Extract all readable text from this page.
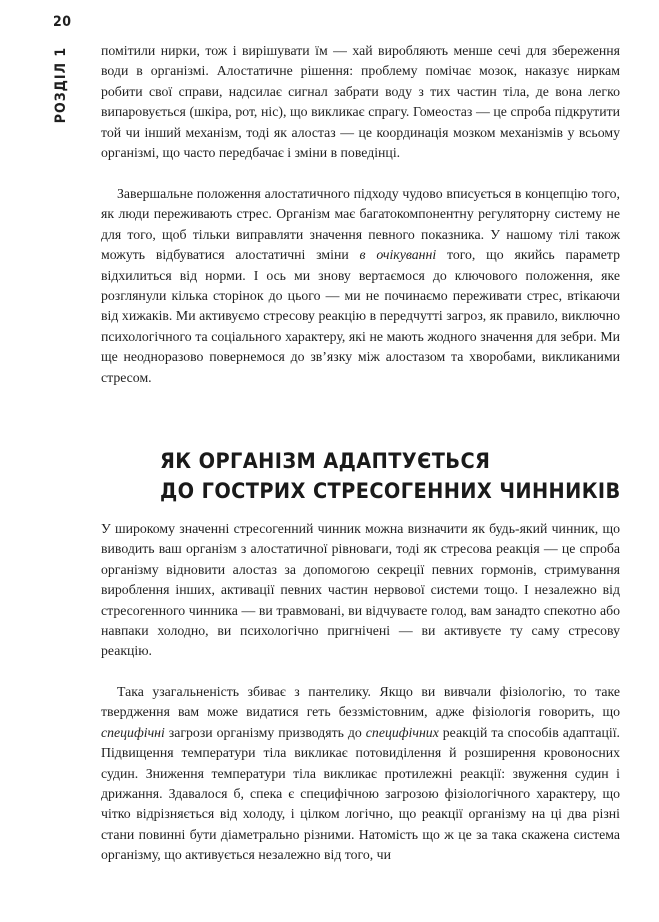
20
РОЗДІЛ 1 помітили нирки, тож і вирішувати їм — хай виробляють менше сечі для збереження води в організмі. Алостатичне рішення: проблему помічає мозок, наказує ниркам робити свої справи, надсилає сигнал забрати воду з тих частин тіла, де вона легко випаровується (шкіра, рот, ніс), що викликає спрагу. Гомеостаз — це спроба підкрутити той чи інший механізм, тоді як алостаз — це координація мозком механізмів у всьому організмі, що часто передбачає і зміни в поведінці.

Завершальне положення алостатичного підходу чудово вписується в концепцію того, як люди переживають стрес. Організм має багатокомпонентну регуляторну систему не для того, щоб тільки виправляти значення певного показника. У нашому тілі також можуть відбуватися алостатичні зміни в очікуванні того, що якийсь параметр відхилиться від норми. І ось ми знову вертаємося до ключового положення, яке розглянули кілька сторінок до цього — ми не починаємо переживати стрес, втікаючи від хижаків. Ми активуємо стресову реакцію в передчутті загроз, як правило, виключно психологічного та соціального характеру, які не мають жодного значення для зебри. Ми ще неодноразово повернемося до зв’язку між алостазом та хворобами, викликаними стресом.

ЯК ОРГАНІЗМ АДАПТУЄТЬСЯ
ДО ГОСТРИХ СТРЕСОГЕННИХ ЧИННИКІВ

У широкому значенні стресогенний чинник можна визначити як будь-який чинник, що виводить ваш організм з алостатичної рівноваги, тоді як стресова реакція — це спроба організму відновити алостаз за допомогою секреції певних гормонів, стримування вироблення інших, активації певних частин нервової системи тощо. І незалежно від стресогенного чинника — ви травмовані, ви відчуваєте голод, вам занадто спекотно або навпаки холодно, ви психологічно пригнічені — ви активуєте ту саму стресову реакцію.

Така узагальненість збиває з пантелику. Якщо ви вивчали фізіологію, то таке твердження вам може видатися геть беззмістовним, адже фізіологія говорить, що специфічні загрози організму призводять до специфічних реакцій та способів адаптації. Підвищення температури тіла викликає потовиділення й розширення кровоносних судин. Зниження температури тіла викликає протилежні реакції: звуження судин і дрижання. Здавалося б, спека є специфічною загрозою фізіологічного характеру, що чітко відрізняється від холоду, і цілком логічно, що реакції організму на ці два різні стани повинні бути діаметрально різними. Натомість що ж це за така скажена система організму, що активується незалежно від того, чи
